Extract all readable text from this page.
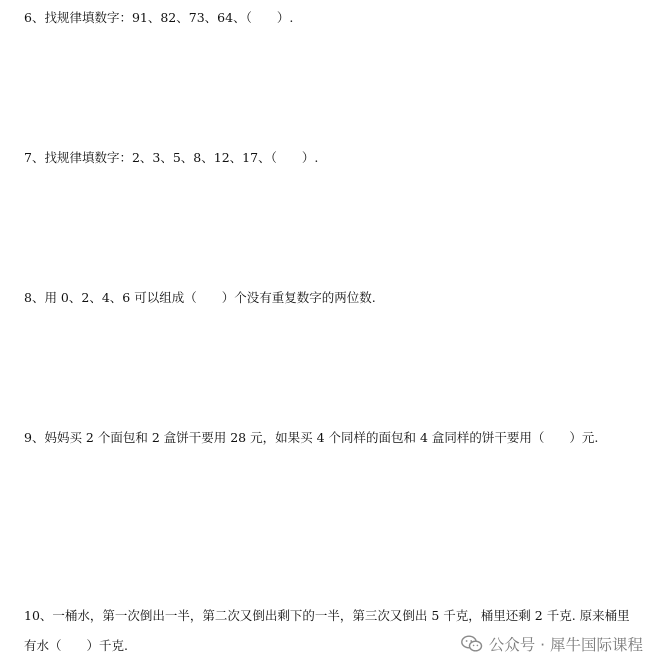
6、找规律填数字：91、82、73、64、（　　）.
7、找规律填数字：2、3、5、8、12、17、（　　）.
8、用 0、2、4、6 可以组成（　　）个没有重复数字的两位数.
9、妈妈买 2 个面包和 2 盒饼干要用 28 元，如果买 4 个同样的面包和 4 盒同样的饼干要用（　　）元.
10、一桶水，第一次倒出一半，第二次又倒出剩下的一半，第三次又倒出 5 千克，桶里还剩 2 千克. 原来桶里有水（　　）千克.	公众号 · 犀牛国际课程
